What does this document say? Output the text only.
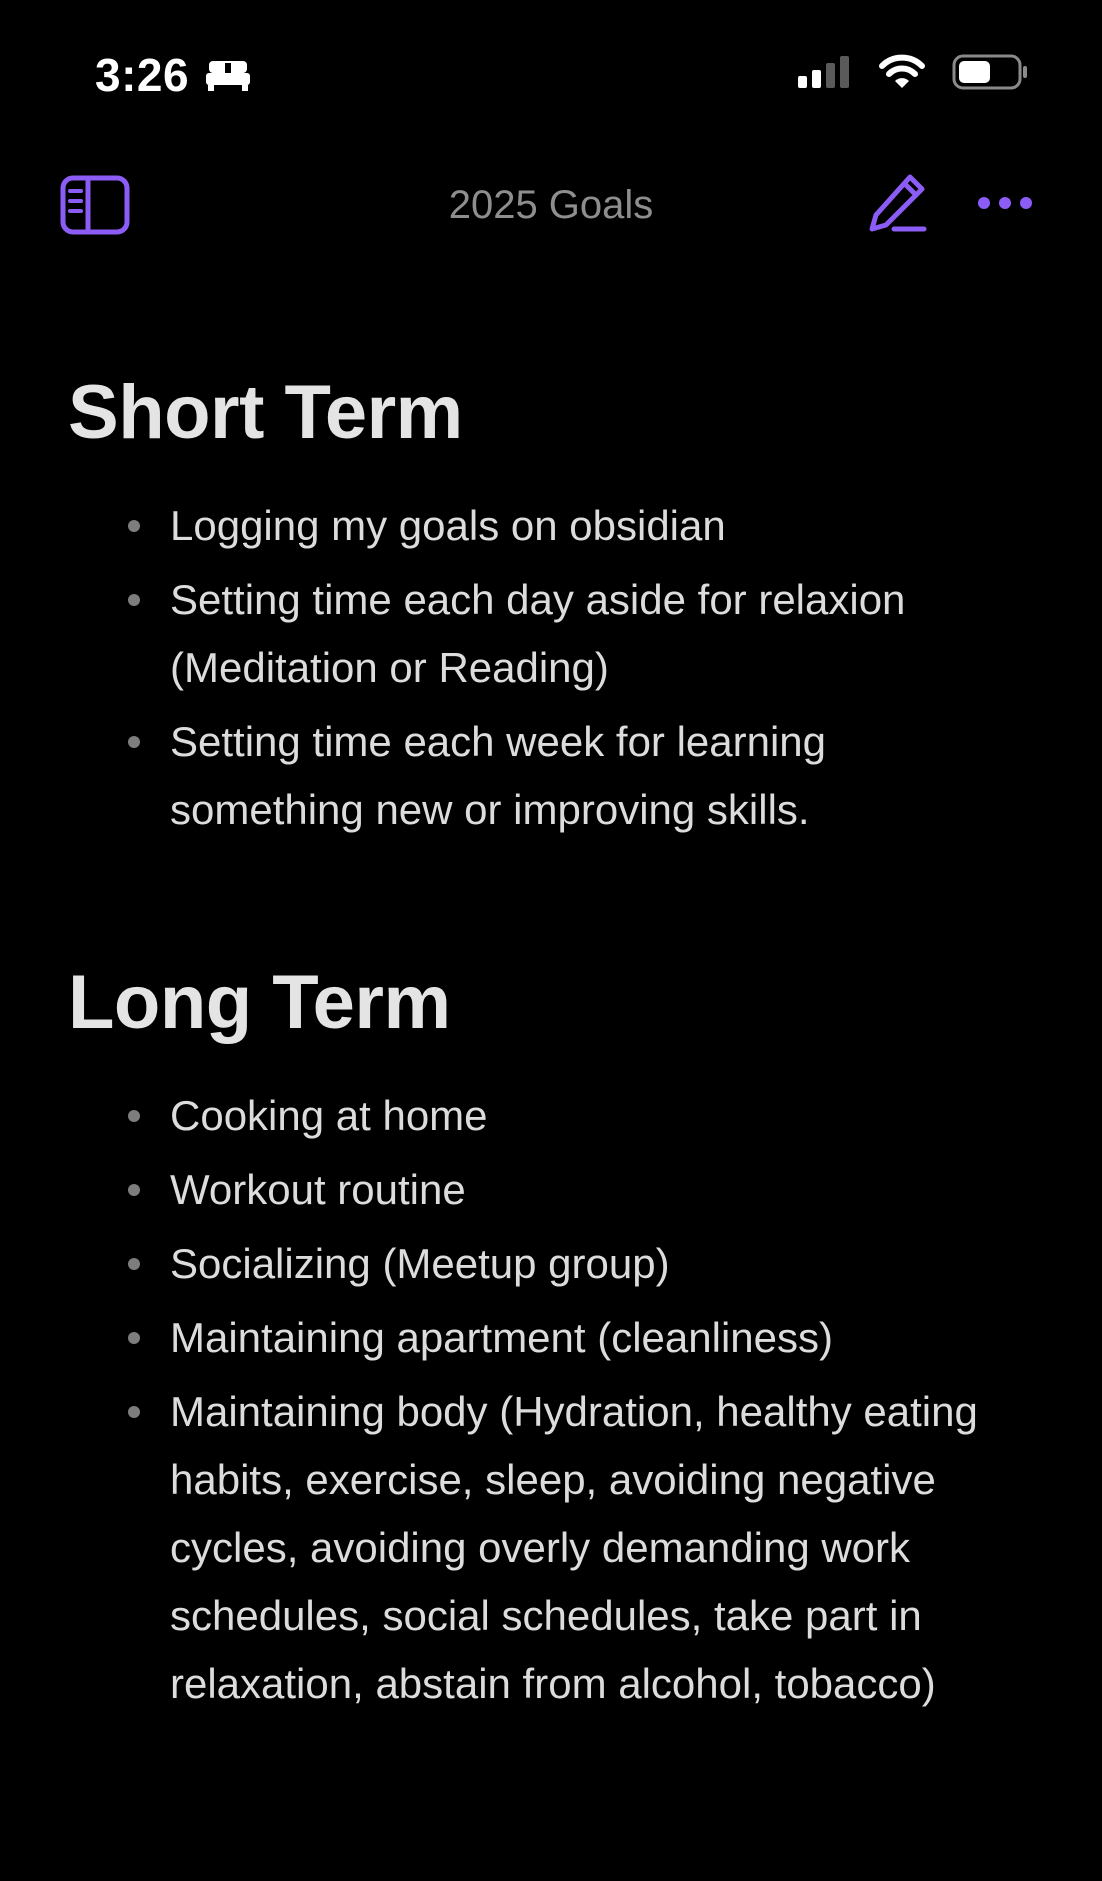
3:26
2025 Goals
Short Term
Logging my goals on obsidian
Setting time each day aside for relaxion (Meditation or Reading)
Setting time each week for learning something new or improving skills.
Long Term
Cooking at home
Workout routine
Socializing (Meetup group)
Maintaining apartment (cleanliness)
Maintaining body (Hydration, healthy eating habits, exercise, sleep, avoiding negative cycles, avoiding overly demanding work schedules, social schedules, take part in relaxation, abstain from alcohol, tobacco)
